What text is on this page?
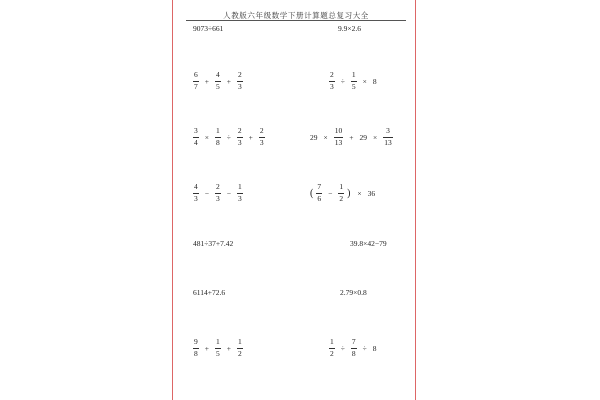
人教版六年级数学下册计算题总复习大全
9073÷661	9.9×2.6
$\frac{6}{7} + \frac{4}{5} + \frac{2}{3}$	$\frac{2}{3} \div \frac{1}{5} \times 8$
$\frac{3}{4} \times \frac{1}{8} \div \frac{2}{3} + \frac{2}{3}$	$29 \times \frac{10}{13} + 29 \times \frac{3}{13}$
$\frac{4}{3} - \frac{2}{3} - \frac{1}{3}$	( $\frac{7}{6} - \frac{1}{2}$ ) × 36
481÷37+7.42	39.8×42−79
6114+72.6	2.79×0.8
$\frac{9}{8} + \frac{1}{5} + \frac{1}{2}$	$\frac{1}{2} \div \frac{7}{8} \div 8$
